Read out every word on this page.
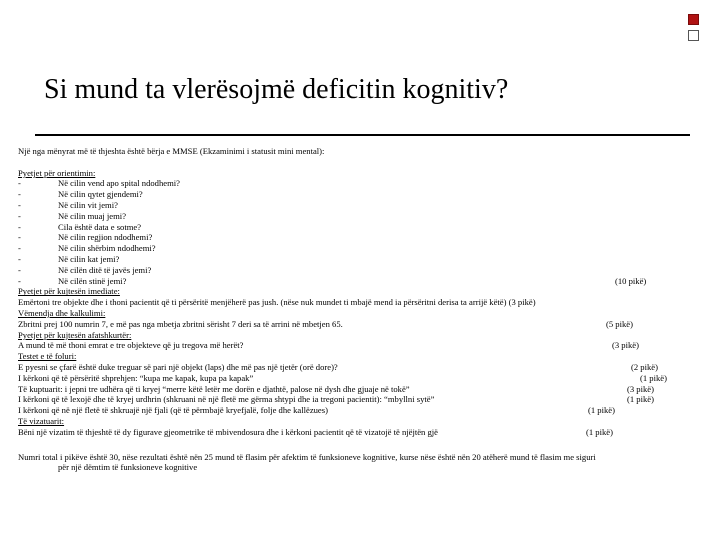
Si mund ta vlerësojmë deficitin kognitiv?
Një nga mënyrat më të thjeshta është bërja e MMSE (Ekzaminimi i statusit mini mental):
Pyetjet për orientimin:
-	Në cilin vend apo spital ndodhemi?
-	Në cilin qytet gjendemi?
-	Në cilin vit jemi?
-	Në cilin muaj jemi?
-	Cila është data e sotme?
-	Në cilin regjion ndodhemi?
-	Në cilin shërbim ndodhemi?
-	Në cilin kat jemi?
-	Në cilën ditë të javës jemi?
-	Në cilën stinë jemi?	(10 pikë)
Pyetjet për kujtesën imediate:
Emërtoni tre objekte dhe i thoni pacientit që ti përsëritë menjëherë pas jush. (nëse nuk mundet ti mbajë mend ia përsëritni derisa ta arrijë këtë) (3 pikë)
Vëmendja dhe kalkulimi:
Zbritni prej 100 numrin 7, e më pas nga mbetja zbritni sërisht 7 deri sa të arrini në mbetjen 65.	(5 pikë)
Pyetjet për kujtesën afatshkurtër:
A mund të më thoni emrat e tre objekteve që ju tregova më herët?	(3 pikë)
Testet e të foluri:
E pyesni se çfarë është duke treguar së pari një objekt (laps) dhe më pas një tjetër (orë dore)?	(2 pikë)
I kërkoni që të përsëritë shprehjen: “kupa me kapak, kupa pa kapak”	(1 pikë)
Të kuptuarit: i jepni tre udhëra që ti kryej “merre këtë letër me dorën e djathtë, palose në dysh dhe gjuaje në tokë”	(3 pikë)
I kërkoni që të lexojë dhe të kryej urdhrin (shkruani në një fletë me gërma shtypi dhe ia tregoni pacientit): “mbyllni sytë”	(1 pikë)
I kërkoni që në një fletë të shkruajë një fjali (që të përmbajë kryefjalë, folje dhe kallëzues)	(1 pikë)
Të vizatuarit:
Bëni një vizatim të thjeshtë të dy figurave gjeometrike të mbivendosura dhe i kërkoni pacientit që të vizatojë të njëjtën gjë	(1 pikë)
Numri total i pikëve është 30, nëse rezultati është nën 25 mund të flasim për afektim të funksioneve kognitive, kurse nëse është nën 20 atëherë mund të flasim me siguri
për një dëmtim të funksioneve kognitive
